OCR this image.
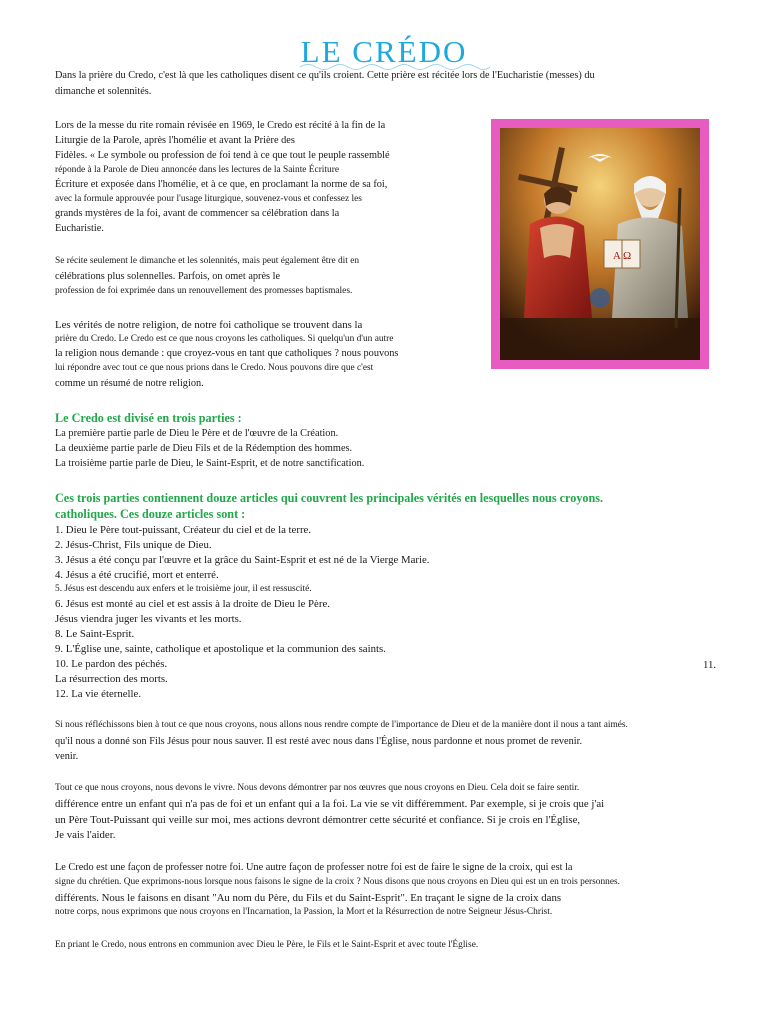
LE CRÉDO

Dans la prière du Credo, c'est là que les catholiques disent ce qu'ils croient. Cette prière est récitée lors de l'Eucharistie (messes) du

dimanche et solennités.

Lors de la messe du rite romain révisée en 1969, le Credo est récité à la fin de la

Liturgie de la Parole, après l'homélie et avant la Prière des

Fidèles. « Le symbole ou profession de foi tend à ce que tout le peuple rassemblé

réponde à la Parole de Dieu annoncée dans les lectures de la Sainte Écriture

Écriture et exposée dans l'homélie, et à ce que, en proclamant la norme de sa foi,

avec la formule approuvée pour l'usage liturgique, souvenez-vous et confessez les

grands mystères de la foi, avant de commencer sa célébration dans la

Eucharistie.

Se récite seulement le dimanche et les solennités, mais peut également être dit en

célébrations plus solennelles. Parfois, on omet après le

profession de foi exprimée dans un renouvellement des promesses baptismales.

Les vérités de notre religion, de notre foi catholique se trouvent dans la

prière du Credo. Le Credo est ce que nous croyons les catholiques. Si quelqu'un d'un autre

la religion nous demande : que croyez-vous en tant que catholiques ? nous pouvons

lui répondre avec tout ce que nous prions dans le Credo. Nous pouvons dire que c'est

comme un résumé de notre religion.

Le Credo est divisé en trois parties :

La première partie parle de Dieu le Père et de l'œuvre de la Création.

La deuxième partie parle de Dieu Fils et de la Rédemption des hommes.

La troisième partie parle de Dieu, le Saint-Esprit, et de notre sanctification.

Ces trois parties contiennent douze articles qui couvrent les principales vérités en lesquelles nous croyons.

catholiques. Ces douze articles sont :

1. Dieu le Père tout-puissant, Créateur du ciel et de la terre.

2. Jésus-Christ, Fils unique de Dieu.

3. Jésus a été conçu par l'œuvre et la grâce du Saint-Esprit et est né de la Vierge Marie.

4. Jésus a été crucifié, mort et enterré.

5. Jésus est descendu aux enfers et le troisième jour, il est ressuscité.

6. Jésus est monté au ciel et est assis à la droite de Dieu le Père.

Jésus viendra juger les vivants et les morts.

8. Le Saint-Esprit.

9. L'Église une, sainte, catholique et apostolique et la communion des saints.

10. Le pardon des péchés.	11.

La résurrection des morts.

12. La vie éternelle.

Si nous réfléchissons bien à tout ce que nous croyons, nous allons nous rendre compte de l'importance de Dieu et de la manière dont il nous a tant aimés.

qu'il nous a donné son Fils Jésus pour nous sauver. Il est resté avec nous dans l'Église, nous pardonne et nous promet de revenir.

venir.

Tout ce que nous croyons, nous devons le vivre. Nous devons démontrer par nos œuvres que nous croyons en Dieu. Cela doit se faire sentir.

différence entre un enfant qui n'a pas de foi et un enfant qui a la foi. La vie se vit différemment. Par exemple, si je crois que j'ai

un Père Tout-Puissant qui veille sur moi, mes actions devront démontrer cette sécurité et confiance. Si je crois en l'Église,

Je vais l'aider.

Le Credo est une façon de professer notre foi. Une autre façon de professer notre foi est de faire le signe de la croix, qui est la

signe du chrétien. Que exprimons-nous lorsque nous faisons le signe de la croix ? Nous disons que nous croyons en Dieu qui est un en trois personnes.

différents. Nous le faisons en disant "Au nom du Père, du Fils et du Saint-Esprit". En traçant le signe de la croix dans

notre corps, nous exprimons que nous croyons en l'Incarnation, la Passion, la Mort et la Résurrection de notre Seigneur Jésus-Christ.

En priant le Credo, nous entrons en communion avec Dieu le Père, le Fils et le Saint-Esprit et avec toute l'Église.

A Ω
